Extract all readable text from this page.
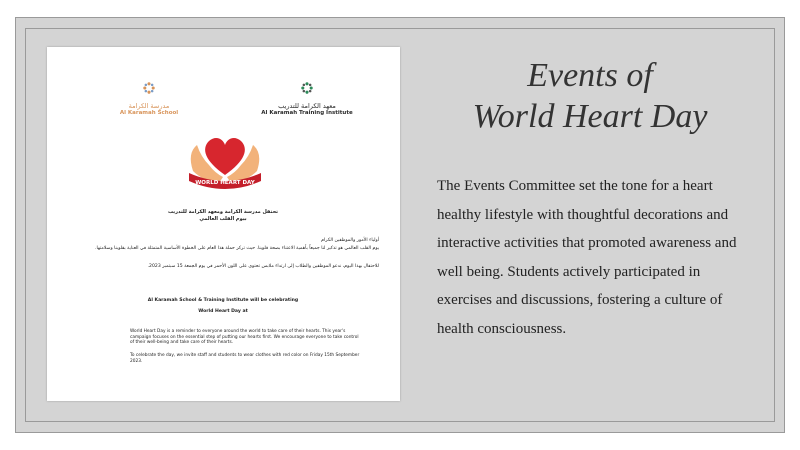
مدرسة الكرامة
Al Karamah School
معهد الكرامة للتدريب
Al Karamah Training Institute
WORLD HEART DAY
تحتفل مدرسة الكرامة ومعهد الكرامة للتدريب
بيوم القلب العالمي
أولياء الأمور والموظفين الكرام
يوم القلب العالمي هو تذكير لنا جميعاً بأهمية الاعتناء بصحة قلوبنا. حيث تركز حملة هذا العام على الخطوة الأساسية المتمثلة في العناية بقلوبنا وسلامتها.
للاحتفال بهذا اليوم، ندعو الموظفين والطلاب إلى ارتداء ملابس تحتوي على اللون الأحمر في يوم الجمعة 15 سبتمبر 2023.
Al Karamah School & Training Institute will be celebrating
World Heart Day at
World Heart Day is a reminder to everyone around the world to take care of their hearts. This year's campaign focuses on the essential step of putting our hearts first. We encourage everyone to take control of their well-being and take care of their hearts.
To celebrate the day, we invite staff and students to wear clothes with red color on Friday 15th September 2023.
Events of
World Heart Day

The Events Committee set the tone for a heart healthy lifestyle with thoughtful decorations and interactive activities that promoted awareness and well being. Students actively participated in exercises and discussions, fostering a culture of health consciousness.
